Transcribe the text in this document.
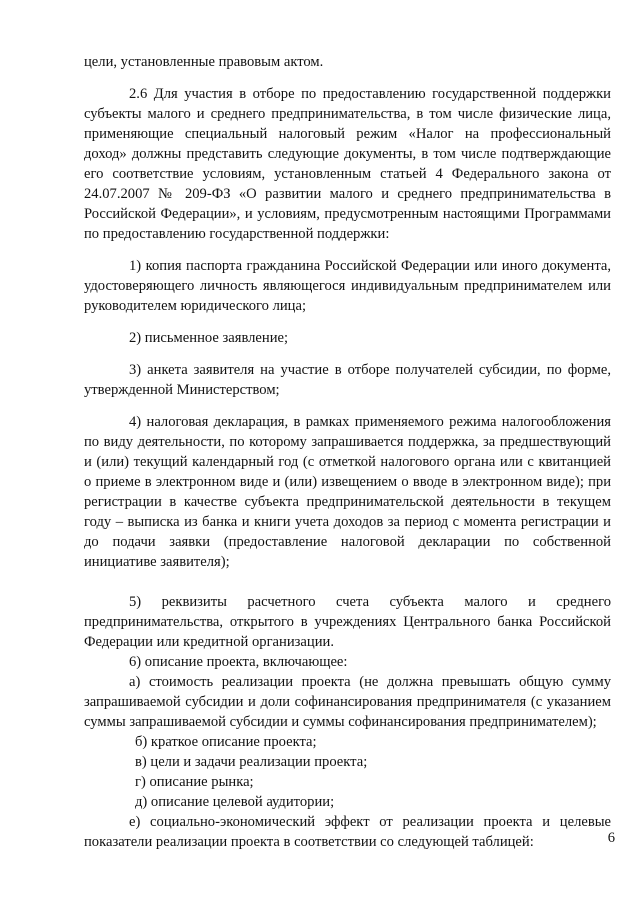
цели, установленные правовым актом.

2.6 Для участия в отборе по предоставлению государственной поддержки субъекты малого и среднего предпринимательства, в том числе физические лица, применяющие специальный налоговый режим «Налог на профессиональный доход» должны представить следующие документы, в том числе подтверждающие его соответствие условиям, установленным статьей 4 Федерального закона от 24.07.2007 № 209-ФЗ «О развитии малого и среднего предпринимательства в Российской Федерации», и условиям, предусмотренным настоящими Программами по предоставлению государственной поддержки:

1) копия паспорта гражданина Российской Федерации или иного документа, удостоверяющего личность являющегося индивидуальным предпринимателем или руководителем юридического лица;

2) письменное заявление;

3) анкета заявителя на участие в отборе получателей субсидии, по форме, утвержденной Министерством;

4) налоговая декларация, в рамках применяемого режима налогообложения по виду деятельности, по которому запрашивается поддержка, за предшествующий и (или) текущий календарный год (с отметкой налогового органа или с квитанцией о приеме в электронном виде и (или) извещением о вводе в электронном виде); при регистрации в качестве субъекта предпринимательской деятельности в текущем году – выписка из банка и книги учета доходов за период с момента регистрации и до подачи заявки (предоставление налоговой декларации по собственной инициативе заявителя);

5) реквизиты расчетного счета субъекта малого и среднего предпринимательства, открытого в учреждениях Центрального банка Российской Федерации или кредитной организации.

6) описание проекта, включающее:

а) стоимость реализации проекта (не должна превышать общую сумму запрашиваемой субсидии и доли софинансирования предпринимателя (с указанием суммы запрашиваемой субсидии и суммы софинансирования предпринимателем);

б) краткое описание проекта;

в) цели и задачи реализации проекта;

г) описание рынка;

д) описание целевой аудитории;

е) социально-экономический эффект от реализации проекта и целевые показатели реализации проекта в соответствии со следующей таблицей:	6
